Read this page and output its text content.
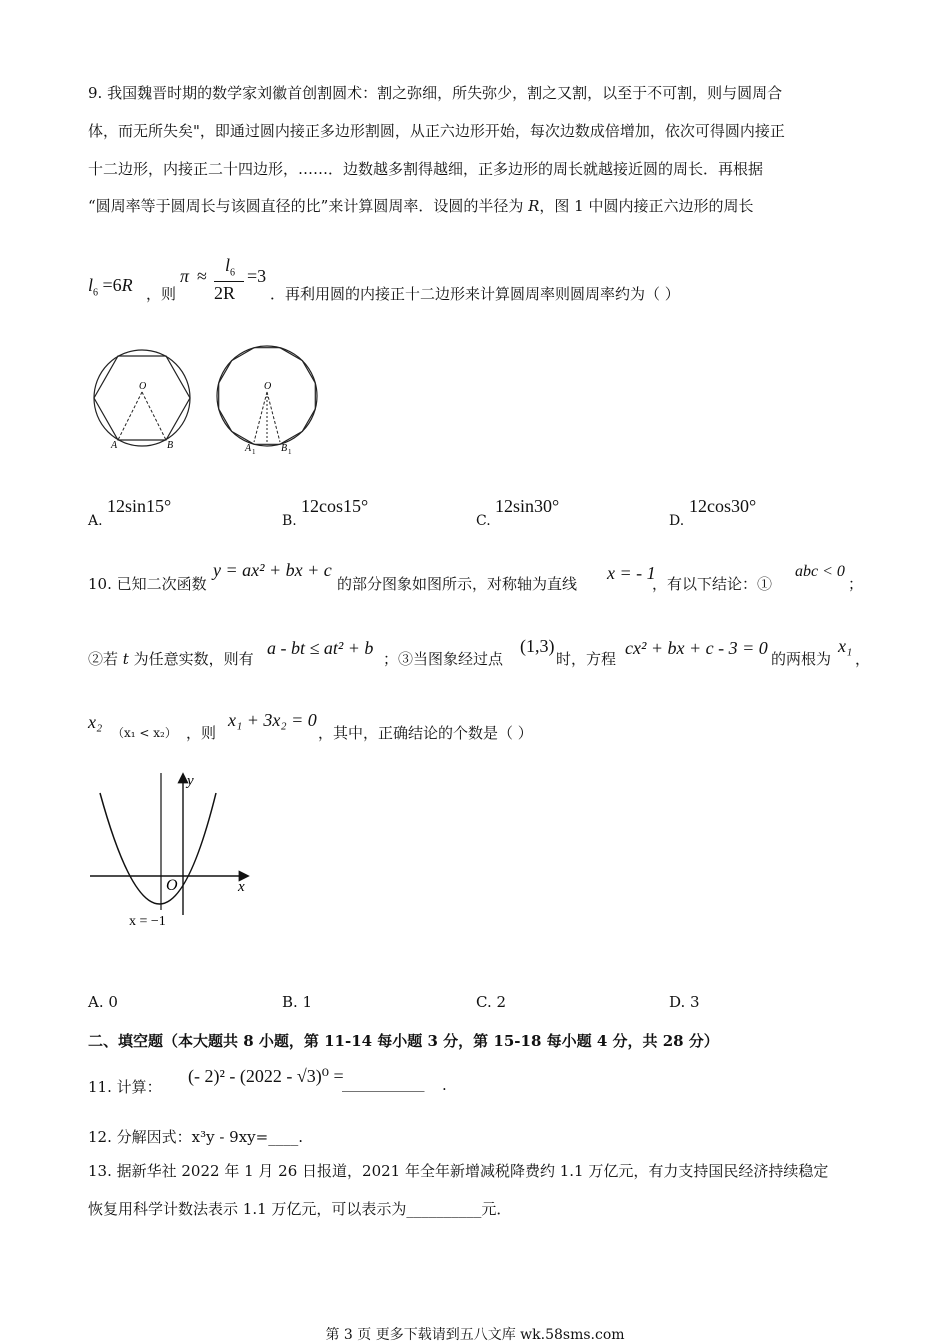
9. 我国魏晋时期的数学家刘徽首创割圆术：割之弥细，所失弥少，割之又割，以至于不可割，则与圆周合
体，而无所失矣"，即通过圆内接正多边形割圆，从正六边形开始，每次边数成倍增加，依次可得圆内接正
十二边形，内接正二十四边形，……．边数越多割得越细，正多边形的周长就越接近圆的周长．再根据
“圆周率等于圆周长与该圆直径的比”来计算圆周率．设圆的半径为 R，图 1 中圆内接正六边形的周长
$l_6 =6R$ ，则
π ≈
$l_6$
2R
=3
．再利用圆的内接正十二边形来计算圆周率则圆周率约为（ ）
O
A	B
O
A 1	B 1
A.
12sin15°
B.
12cos15°
C.
12sin30°
D.
12cos30°
10. 已知二次函数
y = ax² + bx + c
的部分图象如图所示，对称轴为直线
x = - 1
，有以下结论：①
abc < 0
；
②若 t 为任意实数，则有
a - bt ≤ at² + b
；③当图象经过点
(1,3)
时，方程
cx² + bx + c - 3 = 0
的两根为
x₁
，
x₂
（x₁ < x₂） ，则
x₁ + 3x₂ = 0
，其中，正确结论的个数是（ ）
y
x
O
x = −1
A. 0	B. 1	C. 2	D. 3
二、填空题（本大题共 8 小题，第 11-14 每小题 3 分，第 15-18 每小题 4 分，共 28 分）
11. 计算：
(- 2)² - (2022 - √3)⁰ =
___________ .
12. 分解因式：x³y - 9xy=____.
13. 据新华社 2022 年 1 月 26 日报道，2021 年全年新增减税降费约 1.1 万亿元，有力支持国民经济持续稳定
恢复用科学计数法表示 1.1 万亿元，可以表示为__________元．
第 3 页 更多下载请到五八文库 wk.58sms.com
